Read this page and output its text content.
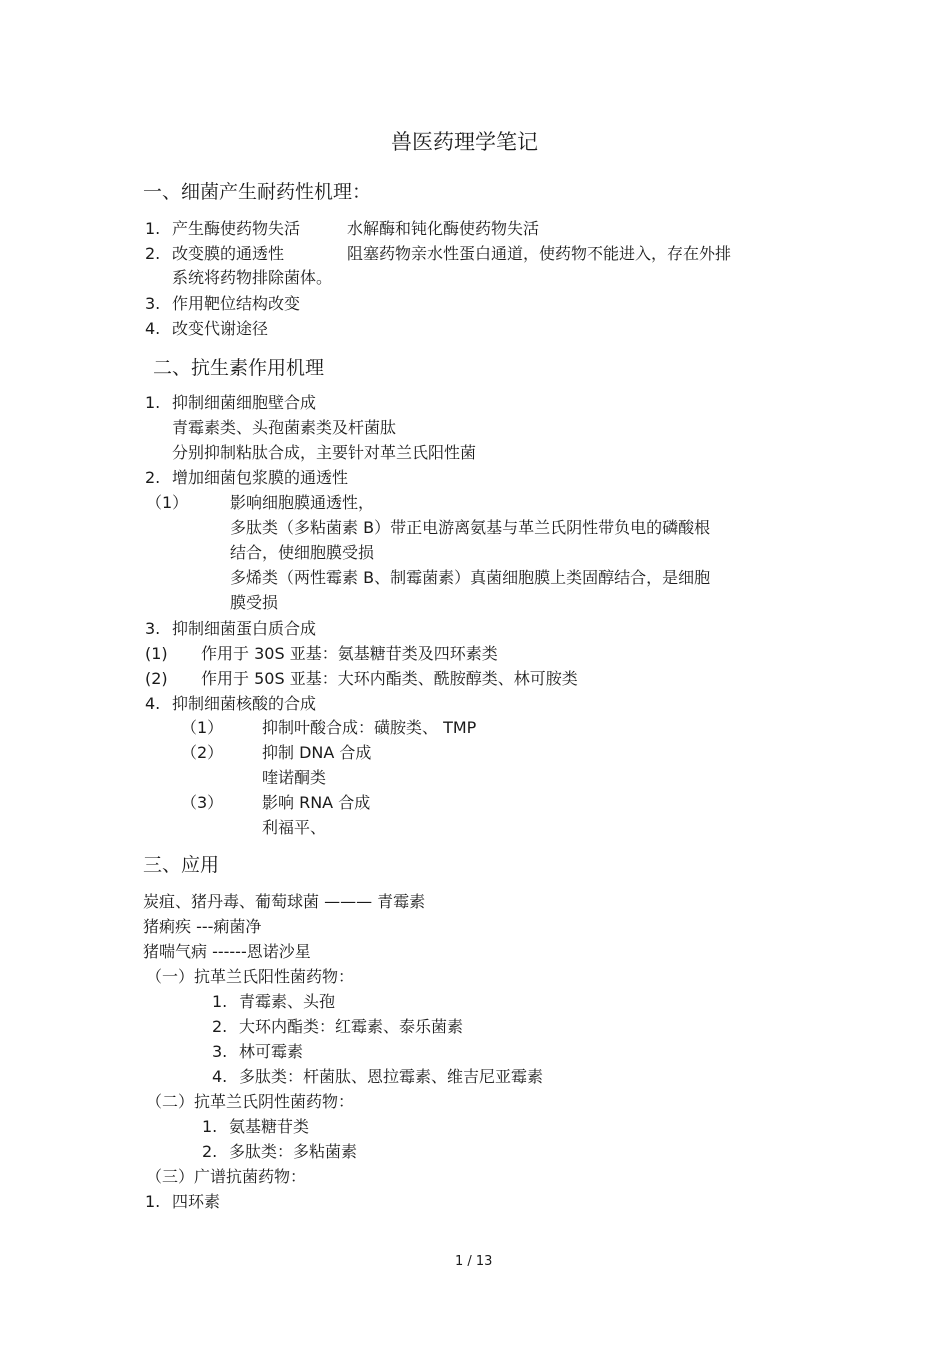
兽医药理学笔记
一、细菌产生耐药性机理：
1. 产生酶使药物失活	水解酶和钝化酶使药物失活
2. 改变膜的通透性	阻塞药物亲水性蛋白通道，使药物不能进入，存在外排
系统将药物排除菌体。
3. 作用靶位结构改变
4. 改变代谢途径
二、抗生素作用机理
1. 抑制细菌细胞壁合成
青霉素类、头孢菌素类及杆菌肽
分别抑制粘肽合成，主要针对革兰氏阳性菌
2. 增加细菌包浆膜的通透性
（1）	影响细胞膜通透性，
多肽类（多粘菌素 B）带正电游离氨基与革兰氏阴性带负电的磷酸根
结合，使细胞膜受损
多烯类（两性霉素 B、制霉菌素）真菌细胞膜上类固醇结合，是细胞
膜受损
3. 抑制细菌蛋白质合成
(1) 作用于 30S 亚基：氨基糖苷类及四环素类
(2) 作用于 50S 亚基：大环内酯类、酰胺醇类、林可胺类
4. 抑制细菌核酸的合成
（1） 抑制叶酸合成：磺胺类、 TMP
（2） 抑制 DNA 合成
喹诺酮类
（3） 影响 RNA 合成
利福平、
三、应用
炭疽、猪丹毒、葡萄球菌 ——— 青霉素
猪痢疾 ---痢菌净
猪喘气病 ------恩诺沙星
（一）抗革兰氏阳性菌药物：
1. 青霉素、头孢
2. 大环内酯类：红霉素、泰乐菌素
3. 林可霉素
4. 多肽类：杆菌肽、恩拉霉素、维吉尼亚霉素
（二）抗革兰氏阴性菌药物：
1. 氨基糖苷类
2. 多肽类：多粘菌素
（三）广谱抗菌药物：
1. 四环素
1 / 13
